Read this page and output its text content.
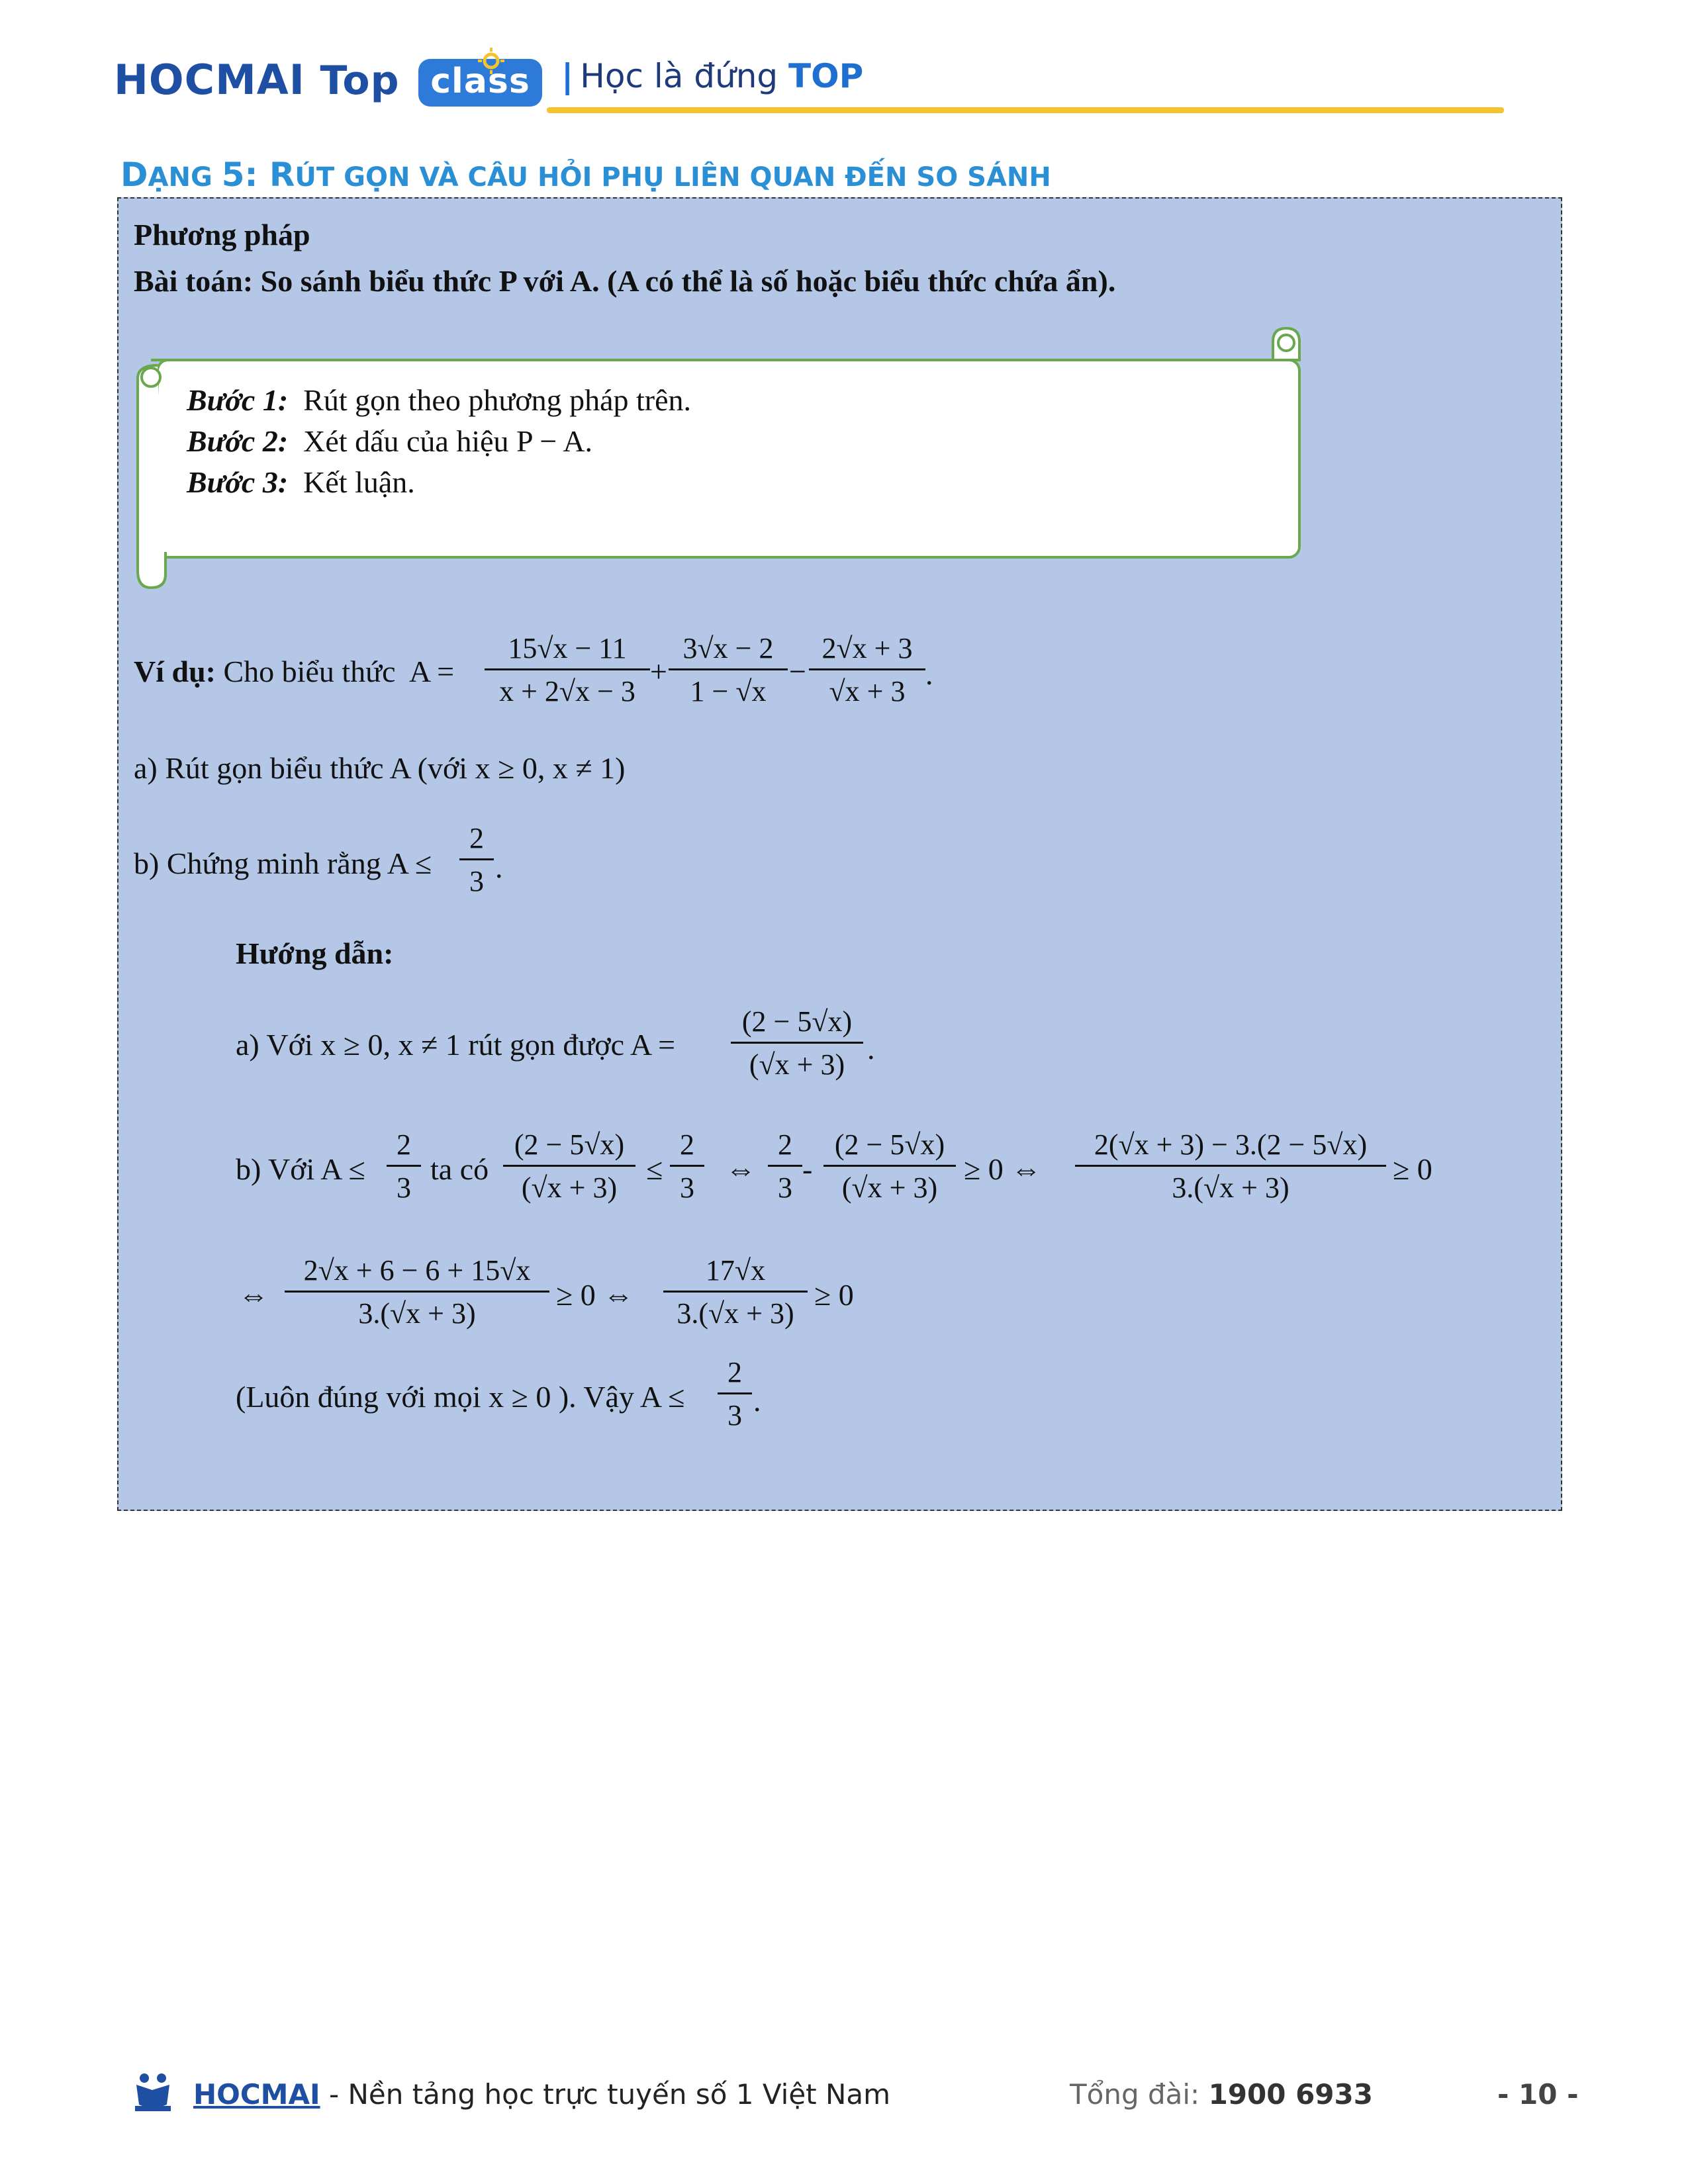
HOCMAI Top class | Học là đứng TOP
DẠNG 5: RÚT GỌN VÀ CÂU HỎI PHỤ LIÊN QUAN ĐẾN SO SÁNH
Phương pháp
Bài toán: So sánh biểu thức P với A. (A có thể là số hoặc biểu thức chứa ẩn).
Bước 1: Rút gọn theo phương pháp trên.
Bước 2: Xét dấu của hiệu P − A.
Bước 3: Kết luận.
Ví dụ: Cho biểu thức $A = \frac{15√x - 11}{x + 2√x - 3} + \frac{3√x - 2}{1 - √x} - \frac{2√x + 3}{√x + 3}$ .
a) Rút gọn biểu thức A (với x ≥ 0, x ≠ 1)
b) Chứng minh rằng $A \le \frac{2}{3}$ .
Hướng dẫn:
a) Với x ≥ 0, x ≠ 1 rút gọn được $A = \frac{(2 - 5√x)}{(√x + 3)}$ .
b) Với $A \le \frac{2}{3}$ ta có $\frac{(2 - 5√x)}{(√x + 3)} \le \frac{2}{3}$ ⇔ $\frac{2}{3} - \frac{(2 - 5√x)}{(√x + 3)} \ge 0$ ⇔ $\frac{2(√x + 3) - 3.(2 - 5√x)}{3.(√x + 3)} \ge 0$
⇔ $\frac{2√x + 6 - 6 + 15√x}{3.(√x + 3)} \ge 0$ ⇔ $\frac{17√x}{3.(√x + 3)} \ge 0$
(Luôn đúng với mọi x ≥ 0 ). Vậy $A \le \frac{2}{3}$ .
HOCMAI - Nền tảng học trực tuyến số 1 Việt Nam	Tổng đài: 1900 6933	- 10 -
